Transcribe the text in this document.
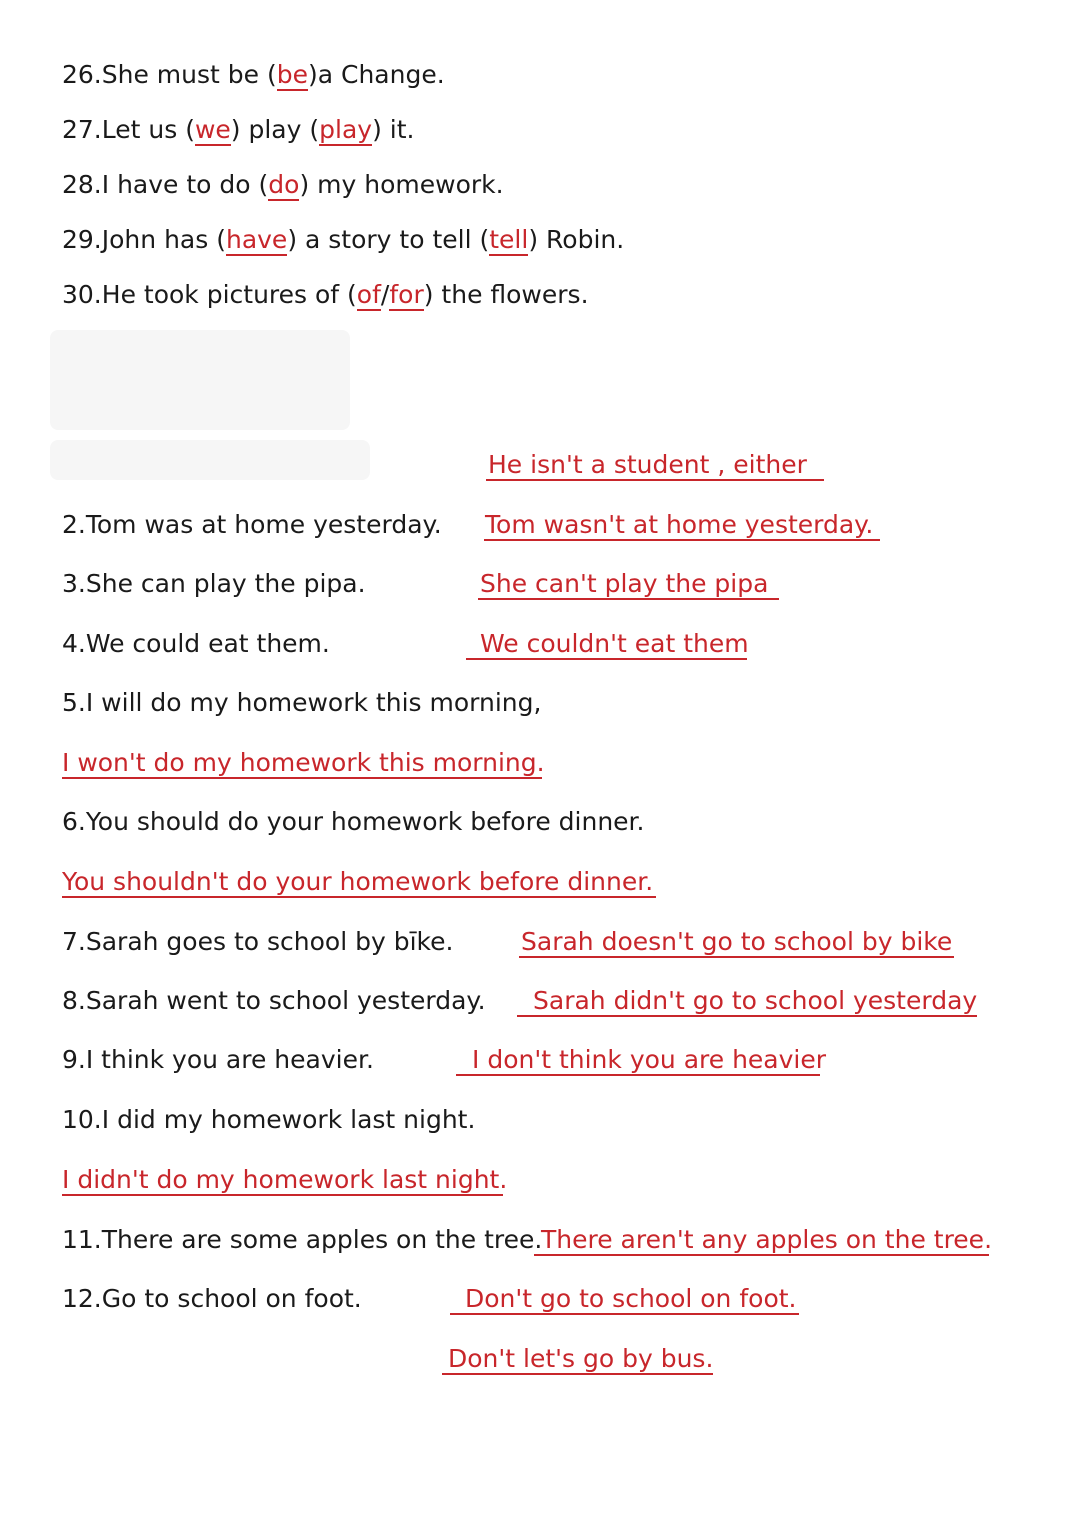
26.She must be (be)a Change.
27.Let us (we) play (play) it.
28.I have to do (do) my homework.
29.John has (have) a story to tell (tell) Robin.
30.He took pictures of (of/for) the flowers.
He isn't a student , either
2.Tom was at home yesterday. Tom wasn't at home yesterday.
3.She can play the pipa.	She can't play the pipa
4.We could eat them.	We couldn't eat them
5.I will do my homework this morning,
I won't do my homework this morning.
6.You should do your homework before dinner.
You shouldn't do your homework before dinner.
7.Sarah goes to school by bīke.	Sarah doesn't go to school by bike
8.Sarah went to school yesterday. Sarah didn't go to school yesterday
9.I think you are heavier.	I don't think you are heavier
10.I did my homework last night.
I didn't do my homework last night.
11.There are some apples on the tree.
There aren't any apples on the tree.
12.Go to school on foot.	Don't go to school on foot.
Don't let's go by bus.
